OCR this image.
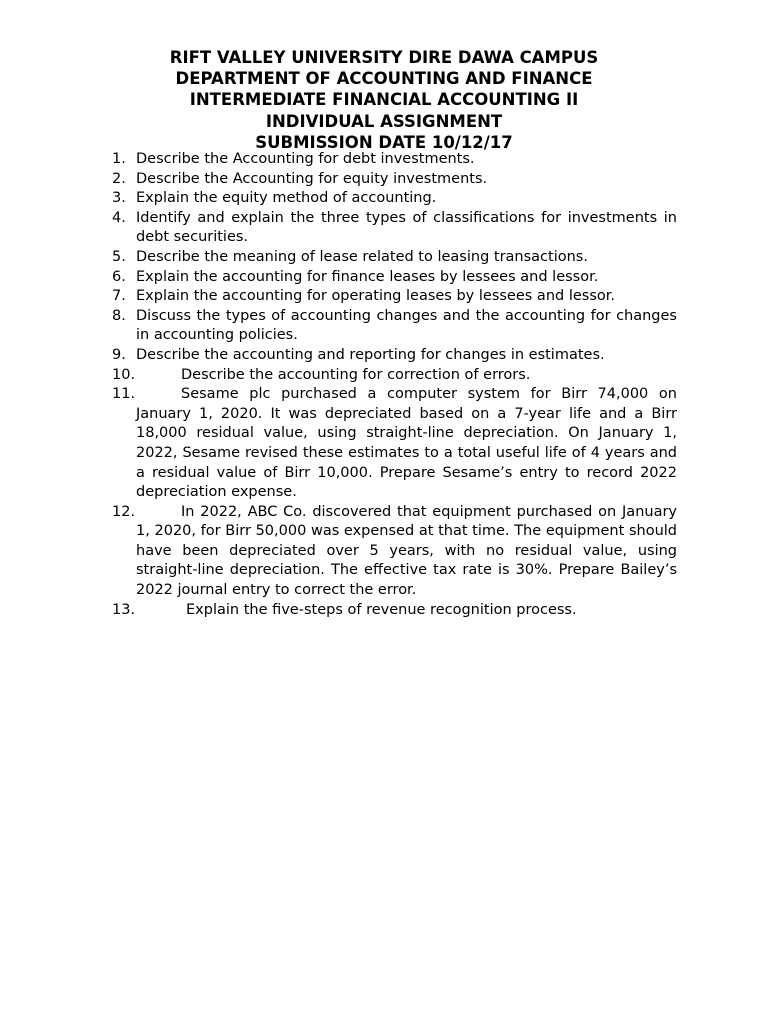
RIFT VALLEY UNIVERSITY DIRE DAWA CAMPUS
DEPARTMENT OF ACCOUNTING AND FINANCE
INTERMEDIATE FINANCIAL ACCOUNTING II
INDIVIDUAL ASSIGNMENT
SUBMISSION DATE 10/12/17
1. Describe the Accounting for debt investments.
2. Describe the Accounting for equity investments.
3. Explain the equity method of accounting.
4. Identify and explain the three types of classifications for investments in debt securities.
5. Describe the meaning of lease related to leasing transactions.
6. Explain the accounting for finance leases by lessees and lessor.
7. Explain the accounting for operating leases by lessees and lessor.
8. Discuss the types of accounting changes and the accounting for changes in accounting policies.
9. Describe the accounting and reporting for changes in estimates.
10.	Describe the accounting for correction of errors.
11.	Sesame plc purchased a computer system for Birr 74,000 on January 1, 2020. It was depreciated based on a 7-year life and a Birr 18,000 residual value, using straight-line depreciation. On January 1, 2022, Sesame revised these estimates to a total useful life of 4 years and a residual value of Birr 10,000. Prepare Sesame’s entry to record 2022 depreciation expense.
12.	In 2022, ABC Co. discovered that equipment purchased on January 1, 2020, for Birr 50,000 was expensed at that time. The equipment should have been depreciated over 5 years, with no residual value, using straight-line depreciation. The effective tax rate is 30%. Prepare Bailey’s 2022 journal entry to correct the error.
13.	Explain the five-steps of revenue recognition process.
